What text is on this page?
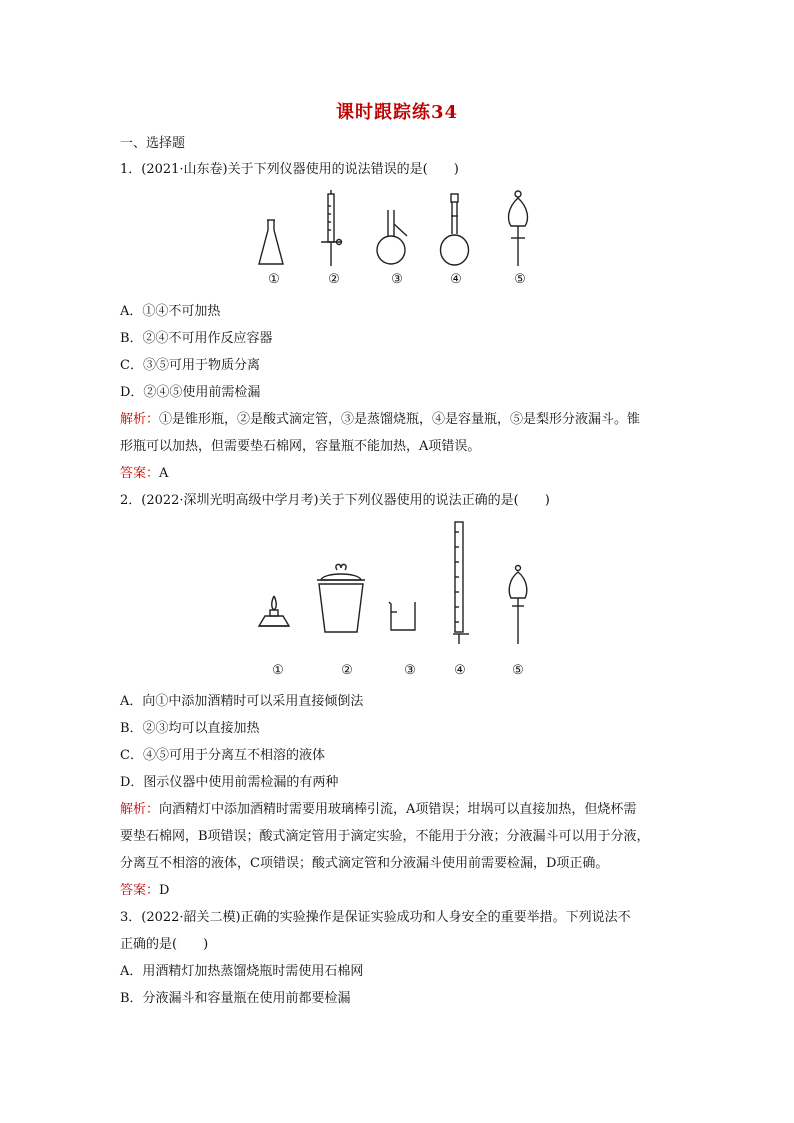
课时跟踪练34
一、选择题
1．(2021·山东卷)关于下列仪器使用的说法错误的是(　　)
①	②	③	④	⑤
A．①④不可加热
B．②④不可用作反应容器
C．③⑤可用于物质分离
D．②④⑤使用前需检漏
解析：①是锥形瓶，②是酸式滴定管，③是蒸馏烧瓶，④是容量瓶，⑤是梨形分液漏斗。锥
形瓶可以加热，但需要垫石棉网，容量瓶不能加热，A项错误。
答案：A
2．(2022·深圳光明高级中学月考)关于下列仪器使用的说法正确的是(　　)
①	②	③	④	⑤
A．向①中添加酒精时可以采用直接倾倒法
B．②③均可以直接加热
C．④⑤可用于分离互不相溶的液体
D．图示仪器中使用前需检漏的有两种
解析：向酒精灯中添加酒精时需要用玻璃棒引流，A项错误；坩埚可以直接加热，但烧杯需
要垫石棉网，B项错误；酸式滴定管用于滴定实验，不能用于分液；分液漏斗可以用于分液，
分离互不相溶的液体，C项错误；酸式滴定管和分液漏斗使用前需要检漏，D项正确。
答案：D
3．(2022·韶关二模)正确的实验操作是保证实验成功和人身安全的重要举措。下列说法不
正确的是(　　)
A．用酒精灯加热蒸馏烧瓶时需使用石棉网
B．分液漏斗和容量瓶在使用前都要检漏
